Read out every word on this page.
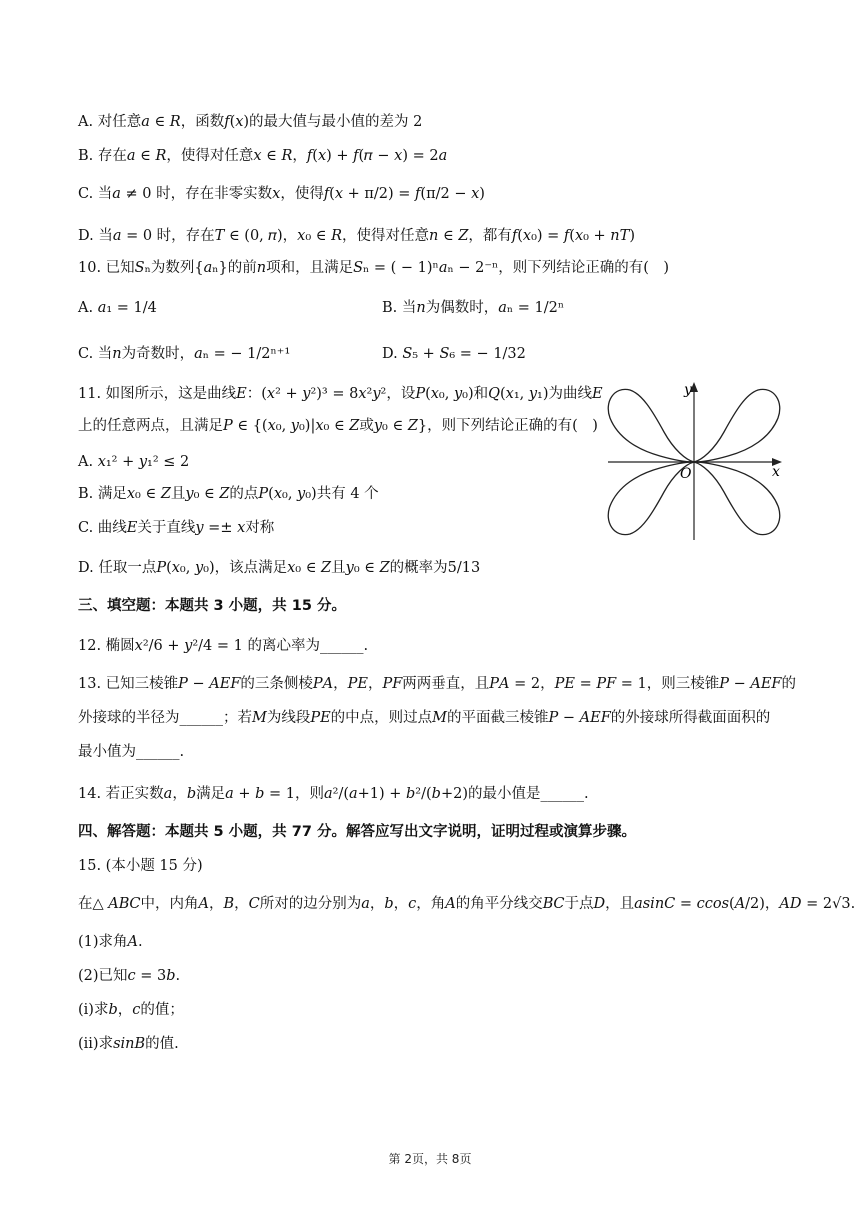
A. 对任意𝑎 ∈ 𝑅，函数𝑓(𝑥)的最大值与最小值的差为 2
B. 存在𝑎 ∈ 𝑅，使得对任意𝑥 ∈ 𝑅，𝑓(𝑥) + 𝑓(𝜋 − 𝑥) = 2𝑎
C. 当𝑎 ≠ 0 时，存在非零实数𝑥，使得𝑓(𝑥 + π/2) = 𝑓(π/2 − 𝑥)
D. 当𝑎 = 0 时，存在𝑇 ∈ (0, 𝜋)，𝑥₀ ∈ 𝑅，使得对任意𝑛 ∈ 𝑍，都有𝑓(𝑥₀) = 𝑓(𝑥₀ + 𝑛𝑇)
10. 已知𝑆ₙ为数列{𝑎ₙ}的前𝑛项和，且满足𝑆ₙ = ( − 1)ⁿ𝑎ₙ − 2⁻ⁿ，则下列结论正确的有(　)
A. 𝑎₁ = 1/4	B. 当𝑛为偶数时，𝑎ₙ = 1/2ⁿ
C. 当𝑛为奇数时，𝑎ₙ = − 1/2ⁿ⁺¹	D. 𝑆₅ + 𝑆₆ = − 1/32
11. 如图所示，这是曲线𝐸：(𝑥² + 𝑦²)³ = 8𝑥²𝑦²，设𝑃(𝑥₀, 𝑦₀)和𝑄(𝑥₁, 𝑦₁)为曲线𝐸
上的任意两点，且满足𝑃 ∈ {(𝑥₀, 𝑦₀)|𝑥₀ ∈ 𝑍或𝑦₀ ∈ 𝑍}，则下列结论正确的有(　)
A. 𝑥₁² + 𝑦₁² ≤ 2
B. 满足𝑥₀ ∈ 𝑍且𝑦₀ ∈ 𝑍的点𝑃(𝑥₀, 𝑦₀)共有 4 个
C. 曲线𝐸关于直线𝑦 =± 𝑥对称
D. 任取一点𝑃(𝑥₀, 𝑦₀)，该点满足𝑥₀ ∈ 𝑍且𝑦₀ ∈ 𝑍的概率为5/13
y
x
O
三、填空题：本题共 3 小题，共 15 分。
12. 椭圆𝑥²/6 + 𝑦²/4 = 1 的离心率为______.
13. 已知三棱锥𝑃 − 𝐴𝐸𝐹的三条侧棱𝑃𝐴，𝑃𝐸，𝑃𝐹两两垂直，且𝑃𝐴 = 2，𝑃𝐸 = 𝑃𝐹 = 1，则三棱锥𝑃 − 𝐴𝐸𝐹的
外接球的半径为______；若𝑀为线段𝑃𝐸的中点，则过点𝑀的平面截三棱锥𝑃 − 𝐴𝐸𝐹的外接球所得截面面积的
最小值为______.
14. 若正实数𝑎，𝑏满足𝑎 + 𝑏 = 1，则𝑎²/(𝑎+1) + 𝑏²/(𝑏+2)的最小值是______.
四、解答题：本题共 5 小题，共 77 分。解答应写出文字说明，证明过程或演算步骤。
15. (本小题 15 分)
在△ 𝐴𝐵𝐶中，内角𝐴，𝐵，𝐶所对的边分别为𝑎，𝑏，𝑐，角𝐴的角平分线交𝐵𝐶于点𝐷，且𝑎𝑠𝑖𝑛𝐶 = 𝑐𝑐𝑜𝑠(𝐴/2)，𝐴𝐷 = 2√3.
(1)求角𝐴.
(2)已知𝑐 = 3𝑏.
(i)求𝑏，𝑐的值；
(ii)求𝑠𝑖𝑛𝐵的值.
第 2页，共 8页
